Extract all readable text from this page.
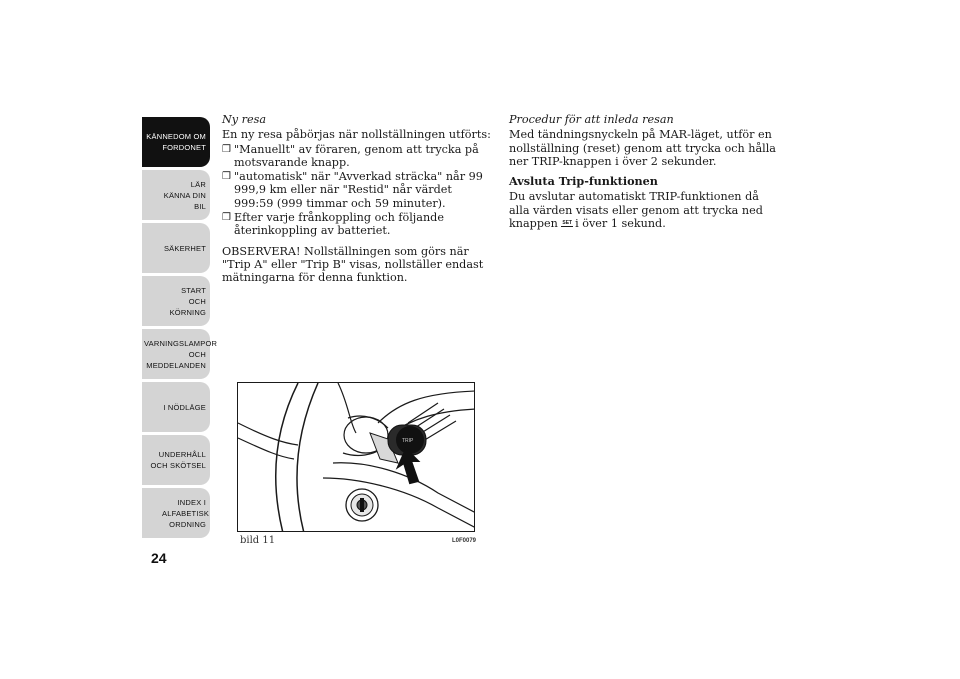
KÄNNEDOM OM FORDONET
LÄR KÄNNA DIN BIL
SÄKERHET
START OCH KÖRNING
VARNINGSLAMPOR OCH MEDDELANDEN
I NÖDLÄGE
UNDERHÅLL OCH SKÖTSEL
INDEX I ALFABETISK ORDNING
24

Ny resa

En ny resa påbörjas när nollställningen utförts:

❒ "Manuellt" av föraren, genom att trycka på motsvarande knapp.

❒ "automatisk" när "Avverkad sträcka" når 99 999,9 km eller när "Restid" når värdet 999:59 (999 timmar och 59 minuter).

❒ Efter varje frånkoppling och följande återinkoppling av batteriet.

OBSERVERA! Nollställningen som görs när "Trip A" eller "Trip B" visas, nollställer endast mätningarna för denna funktion.

Procedur för att inleda resan

Med tändningsnyckeln på MAR-läget, utför en nollställning (reset) genom att trycka och hålla ner TRIP-knappen i över 2 sekunder.

Avsluta Trip-funktionen

Du avslutar automatiskt TRIP-funktionen då alla värden visats eller genom att trycka ned knappen SET i över 1 sekund.

TRIP
bild 11	L0F0079
